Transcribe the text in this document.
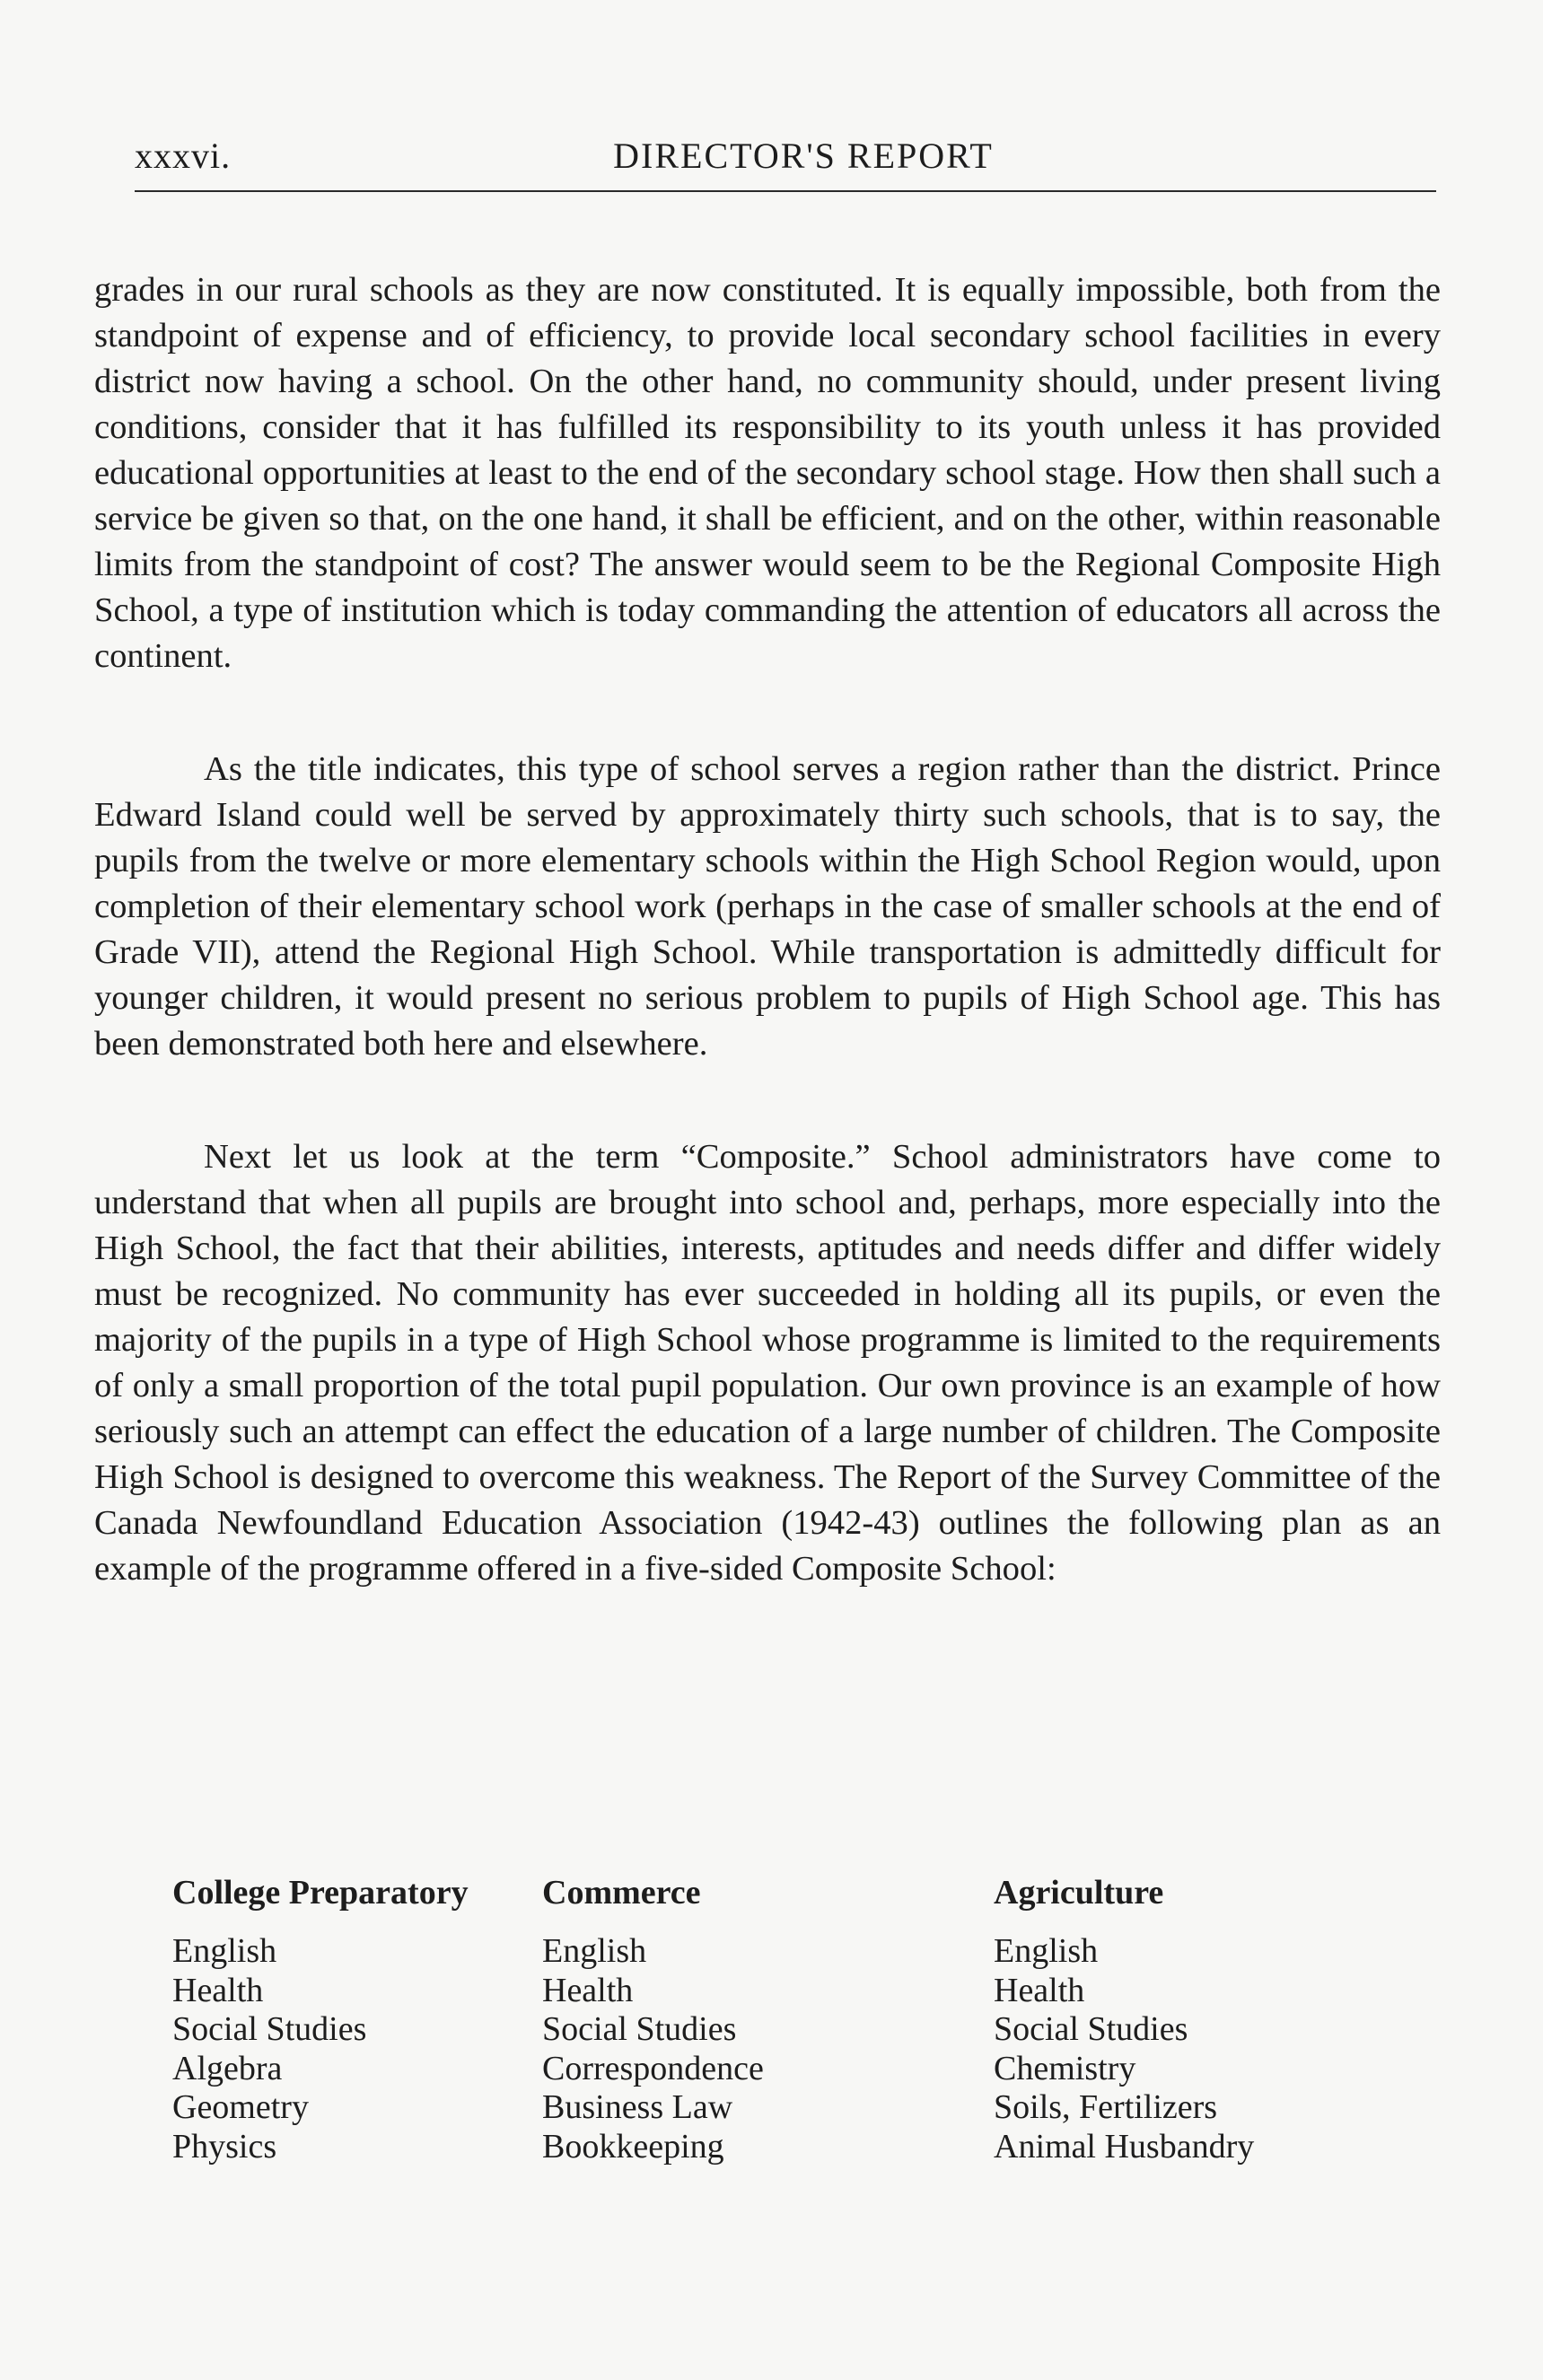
xxxvi.	DIRECTOR'S REPORT

grades in our rural schools as they are now constituted. It is equally impossible, both from the standpoint of expense and of efficiency, to provide local secondary school facilities in every district now having a school. On the other hand, no community should, under present living conditions, consider that it has fulfilled its responsibility to its youth unless it has provided educational opportunities at least to the end of the secondary school stage. How then shall such a service be given so that, on the one hand, it shall be efficient, and on the other, within reasonable limits from the standpoint of cost? The answer would seem to be the Regional Composite High School, a type of institution which is today commanding the attention of educators all across the continent.

As the title indicates, this type of school serves a region rather than the district. Prince Edward Island could well be served by approximately thirty such schools, that is to say, the pupils from the twelve or more elementary schools within the High School Region would, upon completion of their elementary school work (perhaps in the case of smaller schools at the end of Grade VII), attend the Regional High School. While transportation is admittedly difficult for younger children, it would present no serious problem to pupils of High School age. This has been demonstrated both here and elsewhere.

Next let us look at the term “Composite.” School administrators have come to understand that when all pupils are brought into school and, perhaps, more especially into the High School, the fact that their abilities, interests, aptitudes and needs differ and differ widely must be recognized. No community has ever succeeded in holding all its pupils, or even the majority of the pupils in a type of High School whose programme is limited to the requirements of only a small proportion of the total pupil population. Our own province is an example of how seriously such an attempt can effect the education of a large number of children. The Composite High School is designed to overcome this weakness. The Report of the Survey Committee of the Canada Newfoundland Education Association (1942-43) outlines the following plan as an example of the programme offered in a five-sided Composite School:

College Preparatory
English
Health
Social Studies
Algebra
Geometry
Physics
Commerce
English
Health
Social Studies
Correspondence
Business Law
Bookkeeping
Agriculture
English
Health
Social Studies
Chemistry
Soils, Fertilizers
Animal Husbandry
